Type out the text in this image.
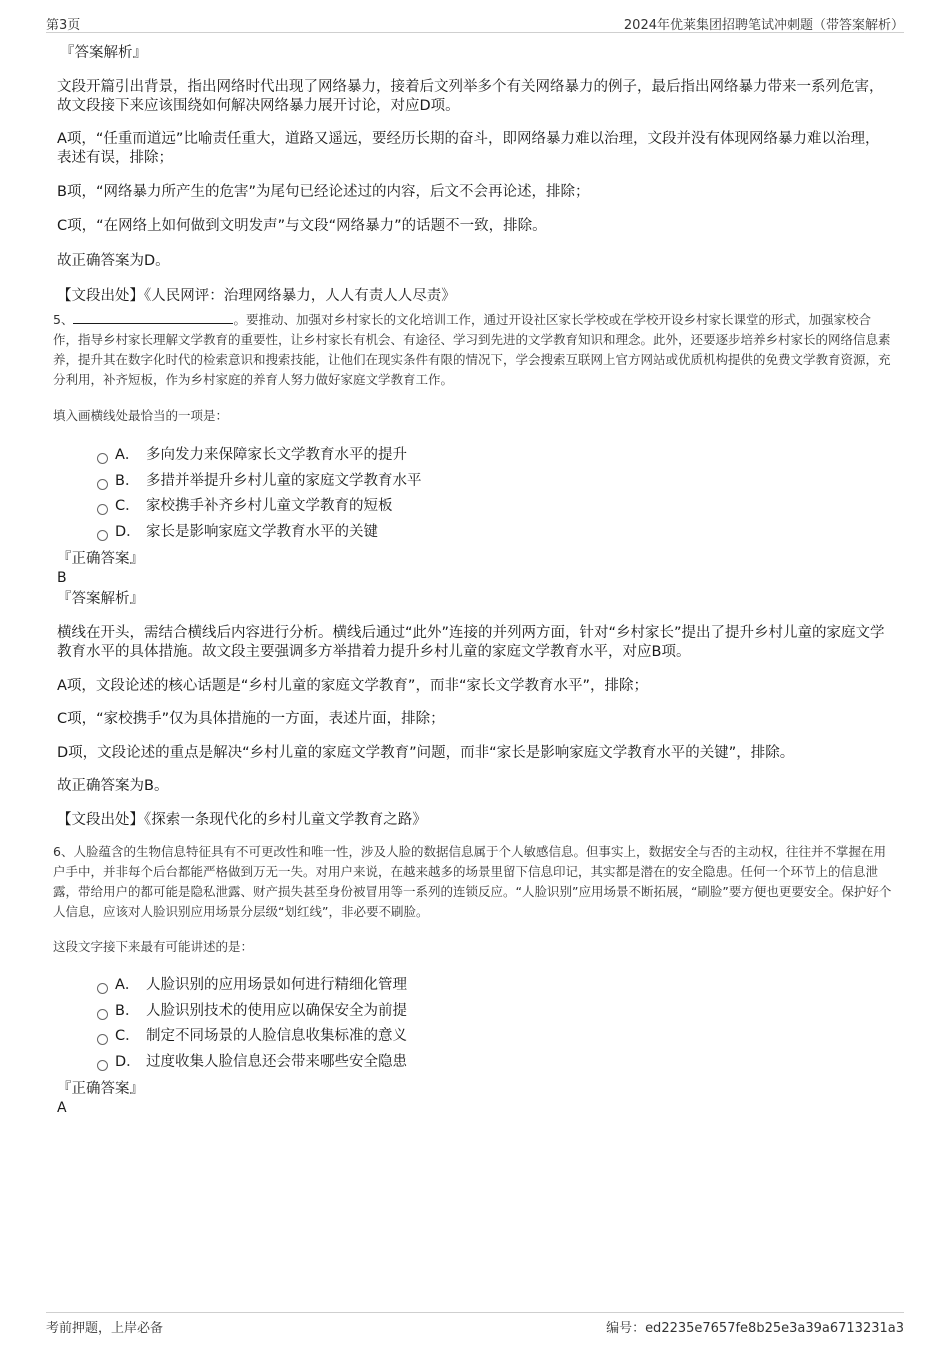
第3页	2024年优莱集团招聘笔试冲刺题（带答案解析）
『答案解析』

文段开篇引出背景，指出网络时代出现了网络暴力，接着后文列举多个有关网络暴力的例子，最后指出网络暴力带来一系列危害，故文段接下来应该围绕如何解决网络暴力展开讨论，对应D项。

A项，“任重而道远”比喻责任重大，道路又遥远，要经历长期的奋斗，即网络暴力难以治理，文段并没有体现网络暴力难以治理，表述有误，排除；

B项，“网络暴力所产生的危害”为尾句已经论述过的内容，后文不会再论述，排除；

C项，“在网络上如何做到文明发声”与文段“网络暴力”的话题不一致，排除。

故正确答案为D。

【文段出处】《人民网评：治理网络暴力，人人有责人人尽责》

5、	。要推动、加强对乡村家长的文化培训工作，通过开设社区家长学校或在学校开设乡村家长课堂的形式，加强家校合作，指导乡村家长理解文学教育的重要性，让乡村家长有机会、有途径、学习到先进的文学教育知识和理念。此外，还要逐步培养乡村家长的网络信息素养，提升其在数字化时代的检索意识和搜索技能，让他们在现实条件有限的情况下，学会搜索互联网上官方网站或优质机构提供的免费文学教育资源，充分利用，补齐短板，作为乡村家庭的养育人努力做好家庭文学教育工作。

填入画横线处最恰当的一项是：

A． 多向发力来保障家长文学教育水平的提升
B． 多措并举提升乡村儿童的家庭文学教育水平
C． 家校携手补齐乡村儿童文学教育的短板
D． 家长是影响家庭文学教育水平的关键
『正确答案』
B
『答案解析』

横线在开头，需结合横线后内容进行分析。横线后通过“此外”连接的并列两方面，针对“乡村家长”提出了提升乡村儿童的家庭文学教育水平的具体措施。故文段主要强调多方举措着力提升乡村儿童的家庭文学教育水平，对应B项。

A项，文段论述的核心话题是“乡村儿童的家庭文学教育”，而非“家长文学教育水平”，排除；

C项，“家校携手”仅为具体措施的一方面，表述片面，排除；

D项，文段论述的重点是解决“乡村儿童的家庭文学教育”问题，而非“家长是影响家庭文学教育水平的关键”，排除。

故正确答案为B。

【文段出处】《探索一条现代化的乡村儿童文学教育之路》

6、人脸蕴含的生物信息特征具有不可更改性和唯一性，涉及人脸的数据信息属于个人敏感信息。但事实上，数据安全与否的主动权，往往并不掌握在用户手中，并非每个后台都能严格做到万无一失。对用户来说，在越来越多的场景里留下信息印记，其实都是潜在的安全隐患。任何一个环节上的信息泄露，带给用户的都可能是隐私泄露、财产损失甚至身份被冒用等一系列的连锁反应。“人脸识别”应用场景不断拓展，“刷脸”要方便也更要安全。保护好个人信息，应该对人脸识别应用场景分层级“划红线”，非必要不刷脸。

这段文字接下来最有可能讲述的是：

A． 人脸识别的应用场景如何进行精细化管理
B． 人脸识别技术的使用应以确保安全为前提
C． 制定不同场景的人脸信息收集标准的意义
D． 过度收集人脸信息还会带来哪些安全隐患
『正确答案』
A
考前押题，上岸必备	编号：ed2235e7657fe8b25e3a39a6713231a3
